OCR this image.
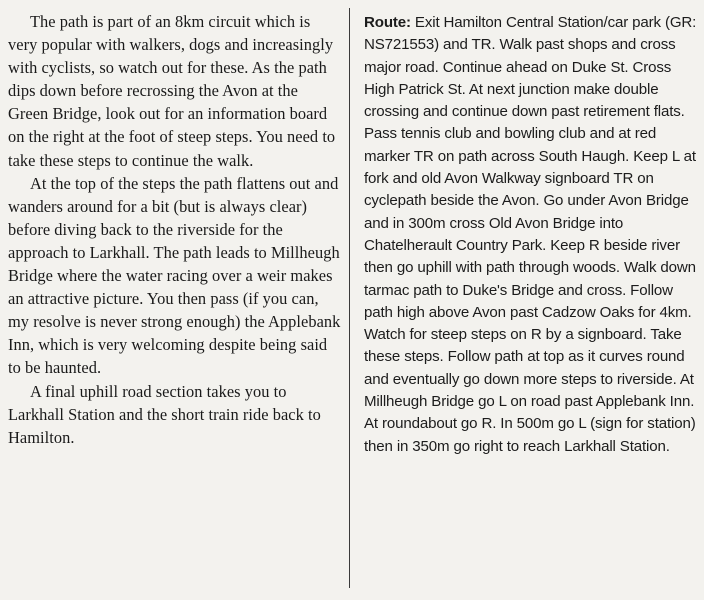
The path is part of an 8km circuit which is very popular with walkers, dogs and increasingly with cyclists, so watch out for these. As the path dips down before recrossing the Avon at the Green Bridge, look out for an information board on the right at the foot of steep steps. You need to take these steps to continue the walk.

At the top of the steps the path flattens out and wanders around for a bit (but is always clear) before diving back to the riverside for the approach to Larkhall. The path leads to Millheugh Bridge where the water racing over a weir makes an attractive picture. You then pass (if you can, my resolve is never strong enough) the Applebank Inn, which is very welcoming despite being said to be haunted.

A final uphill road section takes you to Larkhall Station and the short train ride back to Hamilton.

Route: Exit Hamilton Central Station/car park (GR: NS721553) and TR. Walk past shops and cross major road. Continue ahead on Duke St. Cross High Patrick St. At next junction make double crossing and continue down past retirement flats. Pass tennis club and bowling club and at red marker TR on path across South Haugh. Keep L at fork and old Avon Walkway signboard TR on cyclepath beside the Avon. Go under Avon Bridge and in 300m cross Old Avon Bridge into Chatelherault Country Park. Keep R beside river then go uphill with path through woods. Walk down tarmac path to Duke's Bridge and cross. Follow path high above Avon past Cadzow Oaks for 4km. Watch for steep steps on R by a signboard. Take these steps. Follow path at top as it curves round and eventually go down more steps to riverside. At Millheugh Bridge go L on road past Applebank Inn. At roundabout go R. In 500m go L (sign for station) then in 350m go right to reach Larkhall Station.
